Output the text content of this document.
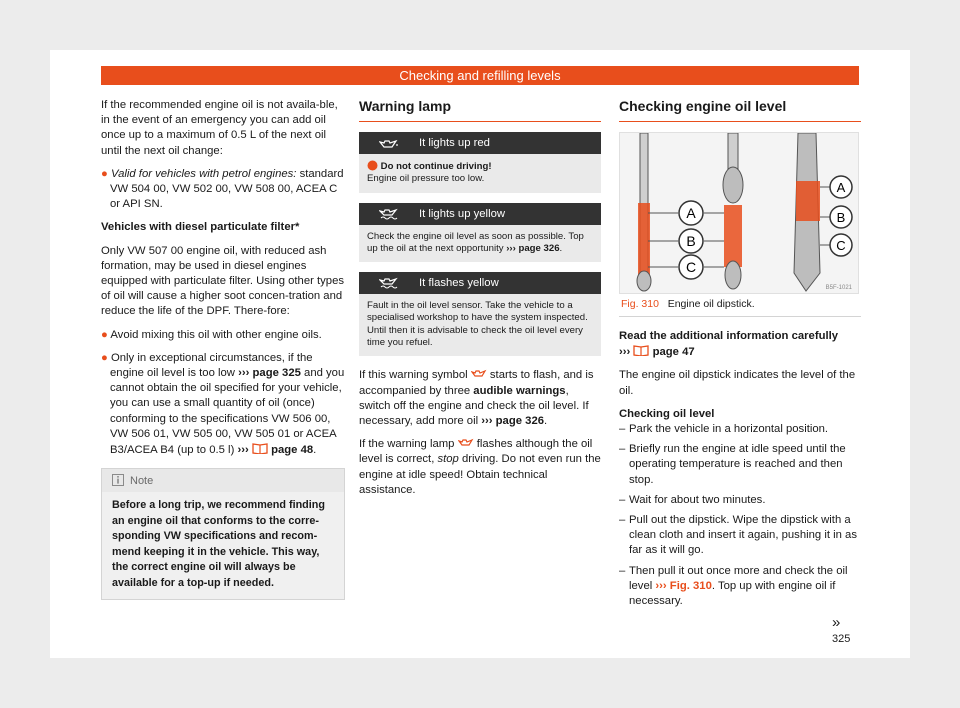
Checking and refilling levels

If the recommended engine oil is not availa-ble, in the event of an emergency you can add oil once up to a maximum of 0.5 L of the next oil until the next oil change:

● Valid for vehicles with petrol engines: standard VW 504 00, VW 502 00, VW 508 00, ACEA C or API SN.

Vehicles with diesel particulate filter*

Only VW 507 00 engine oil, with reduced ash formation, may be used in diesel engines equipped with particulate filter. Using other types of oil will cause a higher soot concen-tration and reduce the life of the DPF. There-fore:

● Avoid mixing this oil with other engine oils.

● Only in exceptional circumstances, if the engine oil level is too low ››› page 325 and you cannot obtain the oil specified for your vehicle, you can use a small quantity of oil (once) conforming to the specifications VW 506 00, VW 506 01, VW 505 00, VW 505 01 or ACEA B3/ACEA B4 (up to 0.5 l) ››› page 48.

Note
Before a long trip, we recommend finding an engine oil that conforms to the corre-sponding VW specifications and recom-mend keeping it in the vehicle. This way, the correct engine oil will always be available for a top-up if needed.
Warning lamp
It lights up red
Do not continue driving!
Engine oil pressure too low.
It lights up yellow
Check the engine oil level as soon as possible. Top up the oil at the next opportunity ››› page 326.
It flashes yellow
Fault in the oil level sensor. Take the vehicle to a specialised workshop to have the system inspected. Until then it is advisable to check the oil level every time you refuel.

If this warning symbol starts to flash, and is accompanied by three audible warnings, switch off the engine and check the oil level. If necessary, add more oil ››› page 326.

If the warning lamp flashes although the oil level is correct, stop driving. Do not even run the engine at idle speed! Obtain technical assistance.

Checking engine oil level
A
B
C
A
B
C
B5F-1021
Fig. 310 Engine oil dipstick.

Read the additional information carefully
››› page 47

The engine oil dipstick indicates the level of the oil.

Checking oil level

– Park the vehicle in a horizontal position.
– Briefly run the engine at idle speed until the operating temperature is reached and then stop.
– Wait for about two minutes.
– Pull out the dipstick. Wipe the dipstick with a clean cloth and insert it again, pushing it in as far as it will go.
– Then pull it out once more and check the oil level ››› Fig. 310. Top up with engine oil if necessary.
»
325
